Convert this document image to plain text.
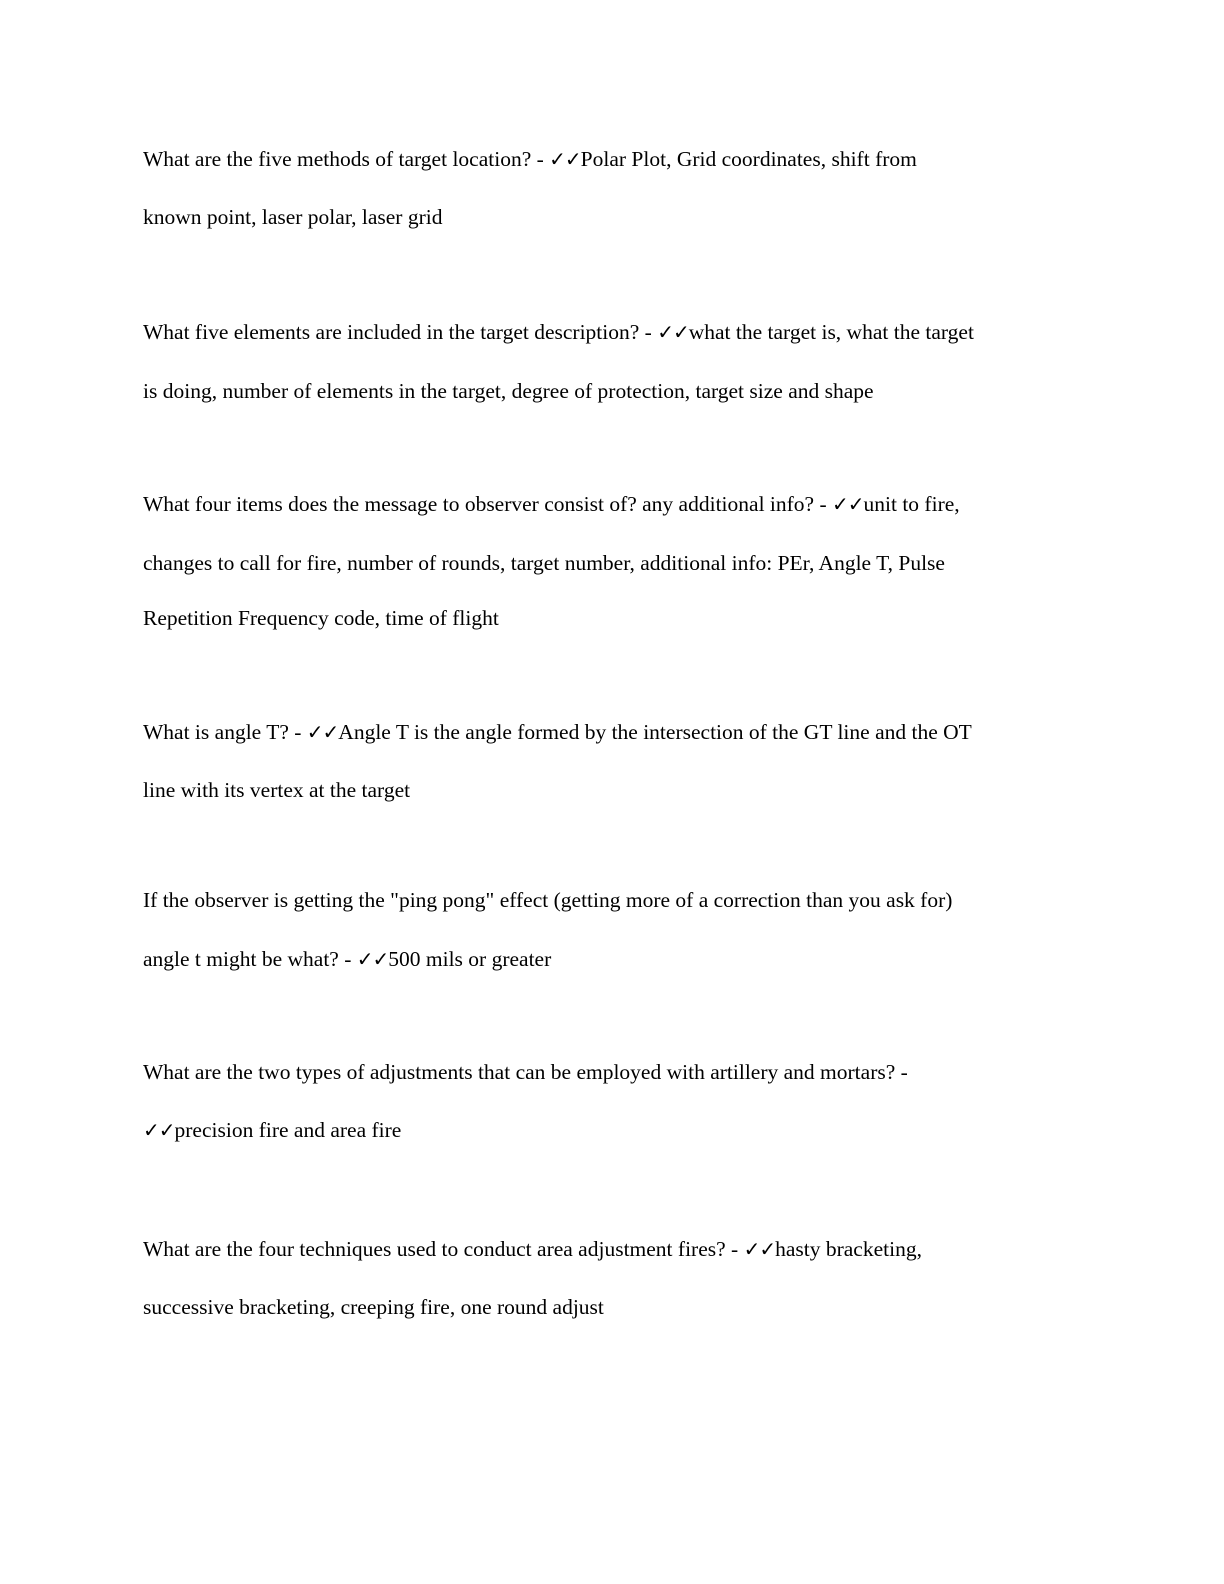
What are the five methods of target location? - ✓✓Polar Plot, Grid coordinates, shift from
known point, laser polar, laser grid
What five elements are included in the target description? - ✓✓what the target is, what the target
is doing, number of elements in the target, degree of protection, target size and shape
What four items does the message to observer consist of? any additional info? - ✓✓unit to fire,
changes to call for fire, number of rounds, target number, additional info: PEr, Angle T, Pulse
Repetition Frequency code, time of flight
What is angle T? - ✓✓Angle T is the angle formed by the intersection of the GT line and the OT
line with its vertex at the target
If the observer is getting the "ping pong" effect (getting more of a correction than you ask for)
angle t might be what? - ✓✓500 mils or greater
What are the two types of adjustments that can be employed with artillery and mortars? -
✓✓precision fire and area fire
What are the four techniques used to conduct area adjustment fires? - ✓✓hasty bracketing,
successive bracketing, creeping fire, one round adjust
